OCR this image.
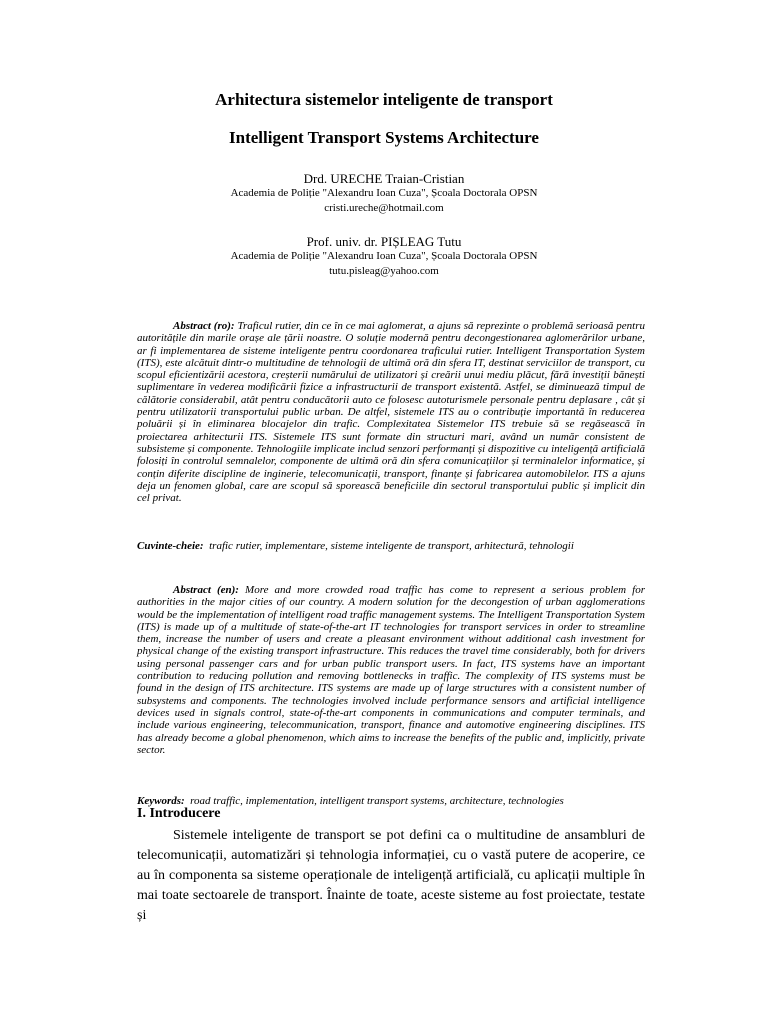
Arhitectura sistemelor inteligente de transport
Intelligent Transport Systems Architecture
Drd. URECHE Traian-Cristian
Academia de Poliție "Alexandru Ioan Cuza", Școala Doctorala OPSN
cristi.ureche@hotmail.com
Prof. univ. dr. PIȘLEAG Tutu
Academia de Poliție "Alexandru Ioan Cuza", Școala Doctorala OPSN
tutu.pisleag@yahoo.com
Abstract (ro): Traficul rutier, din ce în ce mai aglomerat, a ajuns să reprezinte o problemă serioasă pentru autoritățile din marile orașe ale țării noastre. O soluție modernă pentru decongestionarea aglomerărilor urbane, ar fi implementarea de sisteme inteligente pentru coordonarea traficului rutier. Intelligent Transportation System (ITS), este alcătuit dintr-o multitudine de tehnologii de ultimă oră din sfera IT, destinat serviciilor de transport, cu scopul eficientizării acestora, creșterii numărului de utilizatori și creării unui mediu plăcut, fără investiții bănești suplimentare în vederea modificării fizice a infrastructurii de transport existentă. Astfel, se diminuează timpul de călătorie considerabil, atât pentru conducătorii auto ce folosesc autoturismele personale pentru deplasare , cât și pentru utilizatorii transportului public urban. De altfel, sistemele ITS au o contribuție importantă în reducerea poluării și în eliminarea blocajelor din trafic. Complexitatea Sistemelor ITS trebuie să se regăsească în proiectarea arhitecturii ITS. Sistemele ITS sunt formate din structuri mari, având un număr consistent de subsisteme și componente. Tehnologiile implicate includ senzori performanți și dispozitive cu inteligență artificială folosiți în controlul semnalelor, componente de ultimă oră din sfera comunicațiilor și terminalelor informatice, și conțin diferite discipline de inginerie, telecomunicații, transport, finanțe și fabricarea automobilelor. ITS a ajuns deja un fenomen global, care are scopul să sporească beneficiile din sectorul transportului public și implicit din cel privat.
Cuvinte-cheie: trafic rutier, implementare, sisteme inteligente de transport, arhitectură, tehnologii
Abstract (en): More and more crowded road traffic has come to represent a serious problem for authorities in the major cities of our country. A modern solution for the decongestion of urban agglomerations would be the implementation of intelligent road traffic management systems. The Intelligent Transportation System (ITS) is made up of a multitude of state-of-the-art IT technologies for transport services in order to streamline them, increase the number of users and create a pleasant environment without additional cash investment for physical change of the existing transport infrastructure. This reduces the travel time considerably, both for drivers using personal passenger cars and for urban public transport users. In fact, ITS systems have an important contribution to reducing pollution and removing bottlenecks in traffic. The complexity of ITS systems must be found in the design of ITS architecture. ITS systems are made up of large structures with a consistent number of subsystems and components. The technologies involved include performance sensors and artificial intelligence devices used in signals control, state-of-the-art components in communications and computer terminals, and include various engineering, telecommunication, transport, finance and automotive engineering disciplines. ITS has already become a global phenomenon, which aims to increase the benefits of the public and, implicitly, private sector.
Keywords: road traffic, implementation, intelligent transport systems, architecture, technologies
I. Introducere
Sistemele inteligente de transport se pot defini ca o multitudine de ansambluri de telecomunicații, automatizări și tehnologia informației, cu o vastă putere de acoperire, ce au în componenta sa sisteme operaționale de inteligență artificială, cu aplicații multiple în mai toate sectoarele de transport. Înainte de toate, aceste sisteme au fost proiectate, testate și
